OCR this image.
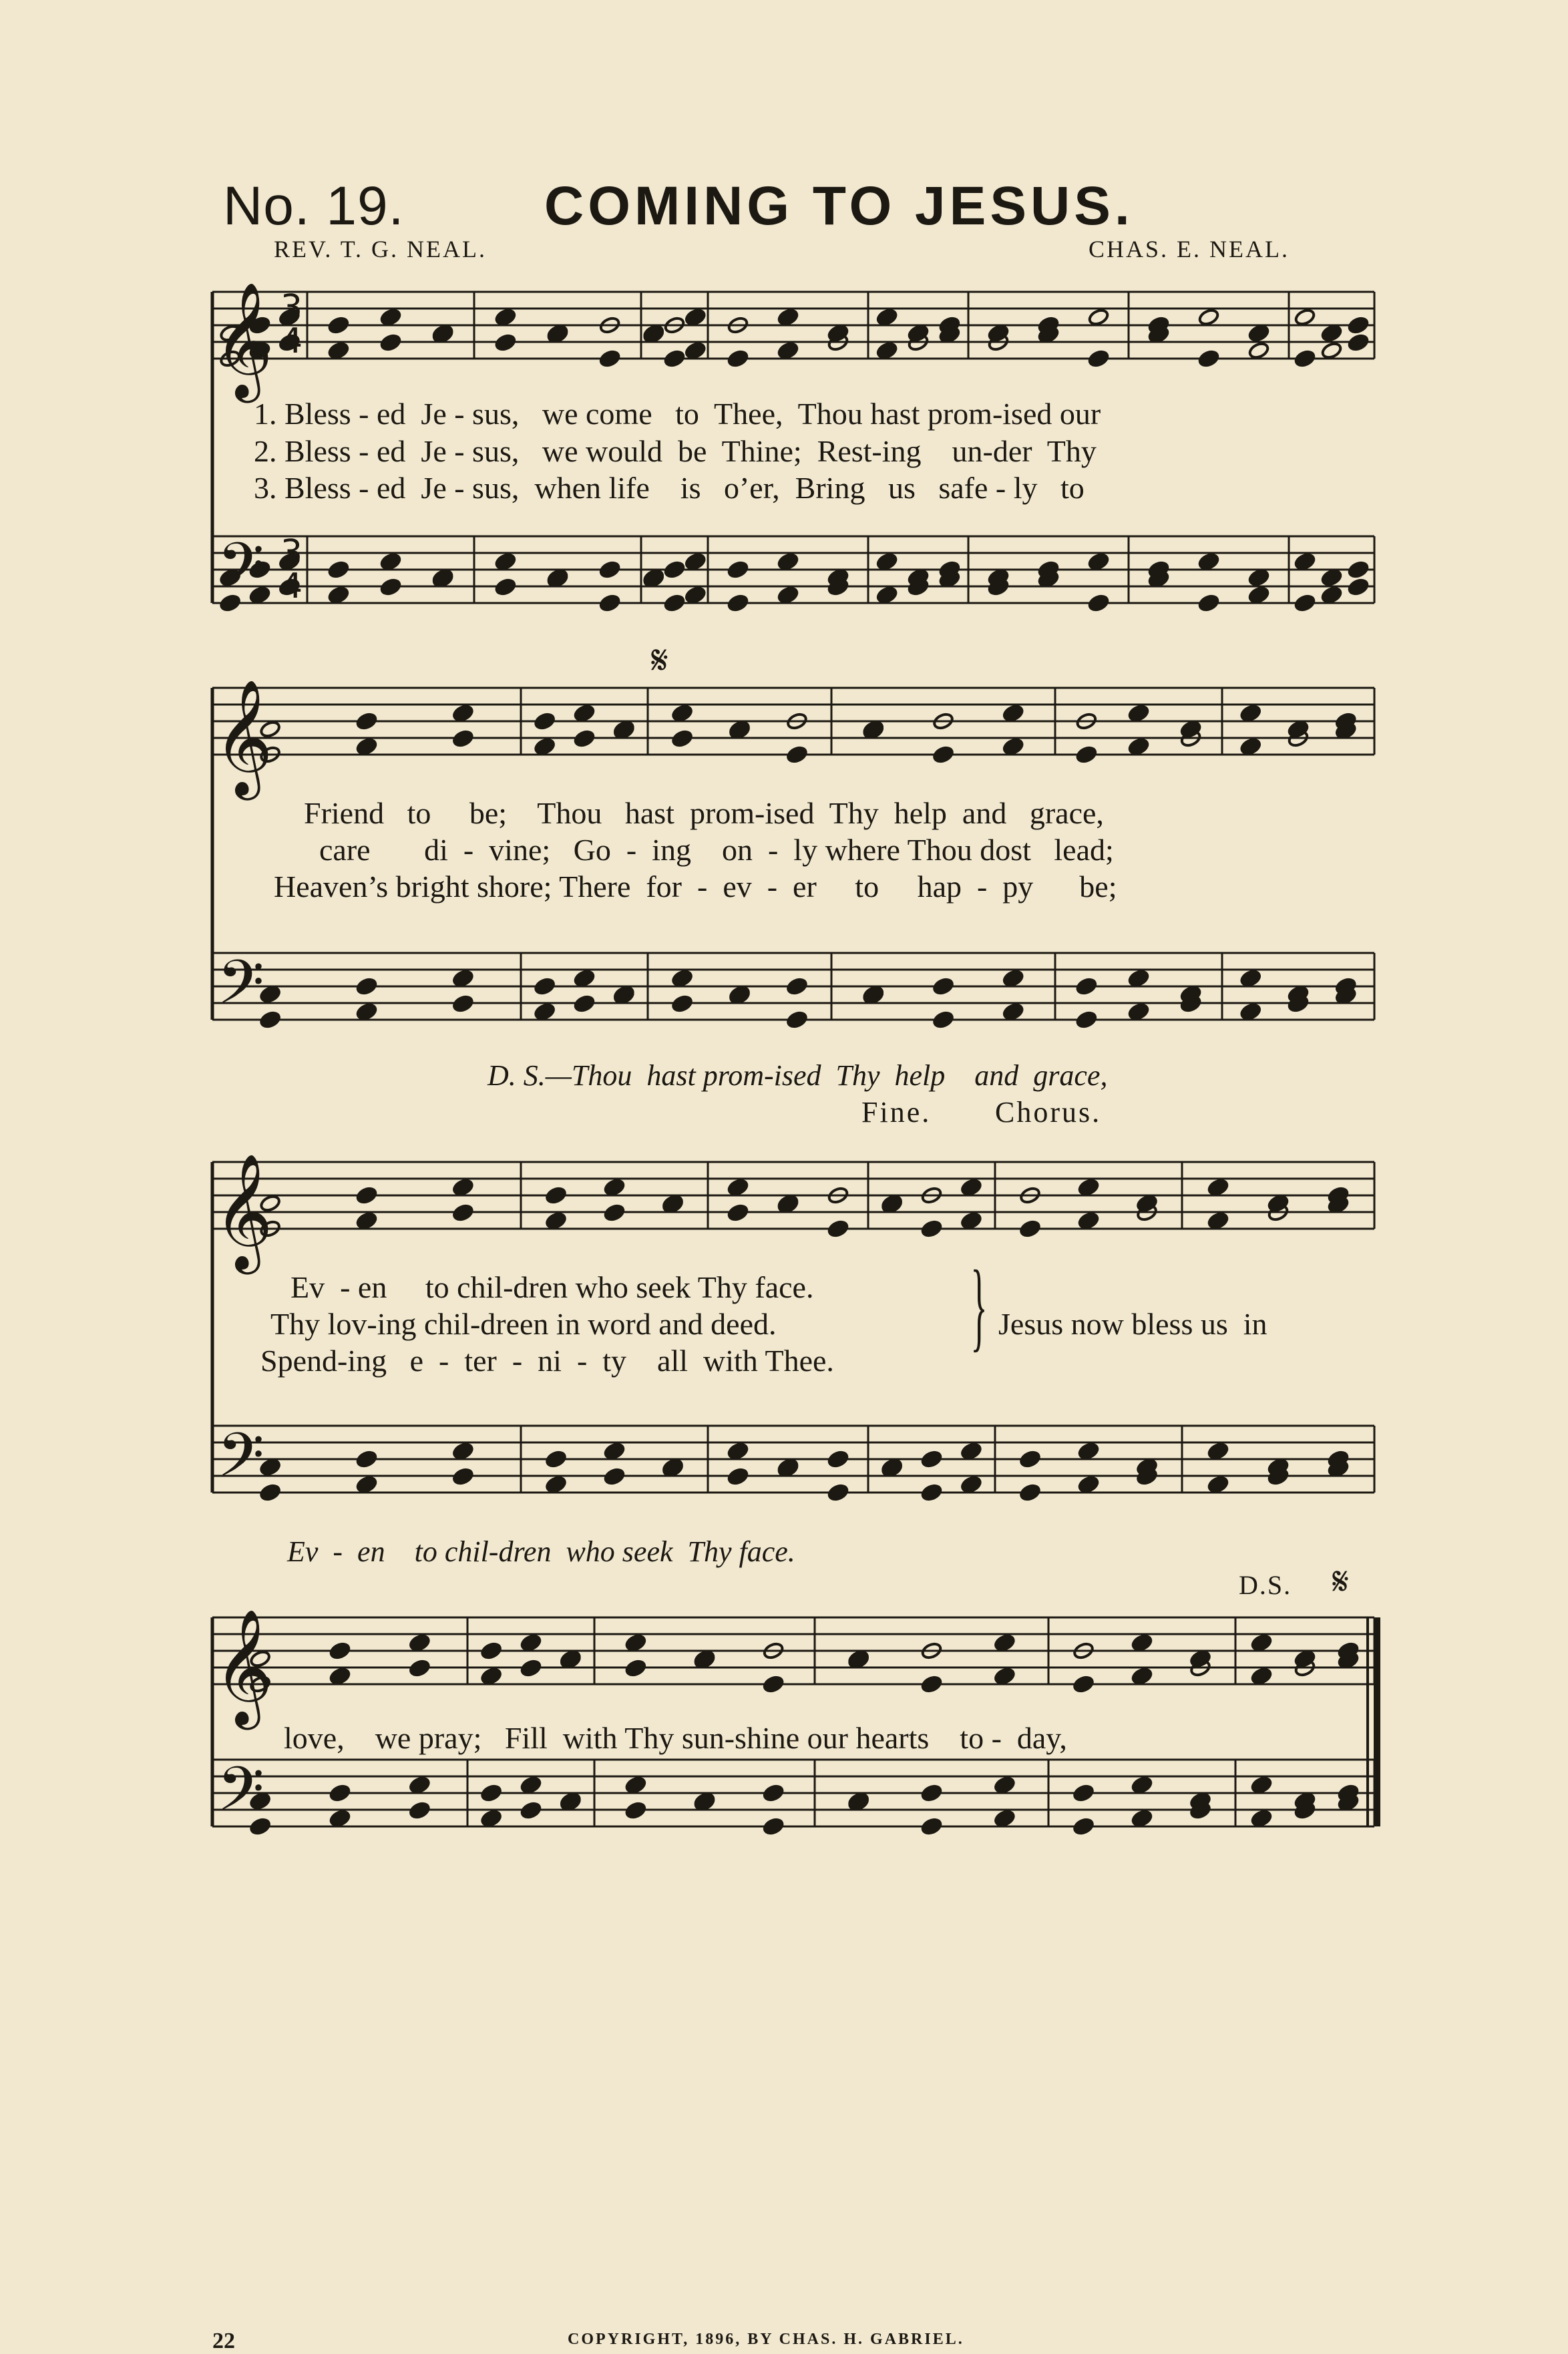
No. 19.	COMING TO JESUS.
REV. T. G. NEAL.	CHAS. E. NEAL.
𝄞
𝄢
3
4
3
4
𝄞
𝄢
𝄞
𝄢
𝄞
𝄢
1. Bless - ed  Je - sus,   we come   to  Thee,  Thou hast prom-ised our
2. Bless - ed  Je - sus,   we would  be  Thine;  Rest-ing    un-der  Thy
3. Bless - ed  Je - sus,  when life    is   o’er,  Bring   us   safe - ly   to
𝄋
Friend   to     be;    Thou   hast  prom-ised  Thy  help  and   grace,
care       di  -  vine;   Go  -  ing    on  -  ly where Thou dost   lead;
Heaven’s bright shore; There  for  -  ev  -  er     to     hap  -  py      be;
D. S.—Thou  hast prom-ised  Thy  help    and  grace,
Fine. Chorus.
Ev  - en     to chil-dren who seek Thy face.
Thy lov-ing chil-dreen in word and deed.
Spend-ing   e  -  ter  -  ni  -  ty    all  with Thee. } Jesus now bless us  in
Ev  -  en    to chil-dren  who seek  Thy face.
D.S. 𝄋
love,    we pray;   Fill  with Thy sun-shine our hearts    to -  day,
22	COPYRIGHT, 1896, BY CHAS. H. GABRIEL.
